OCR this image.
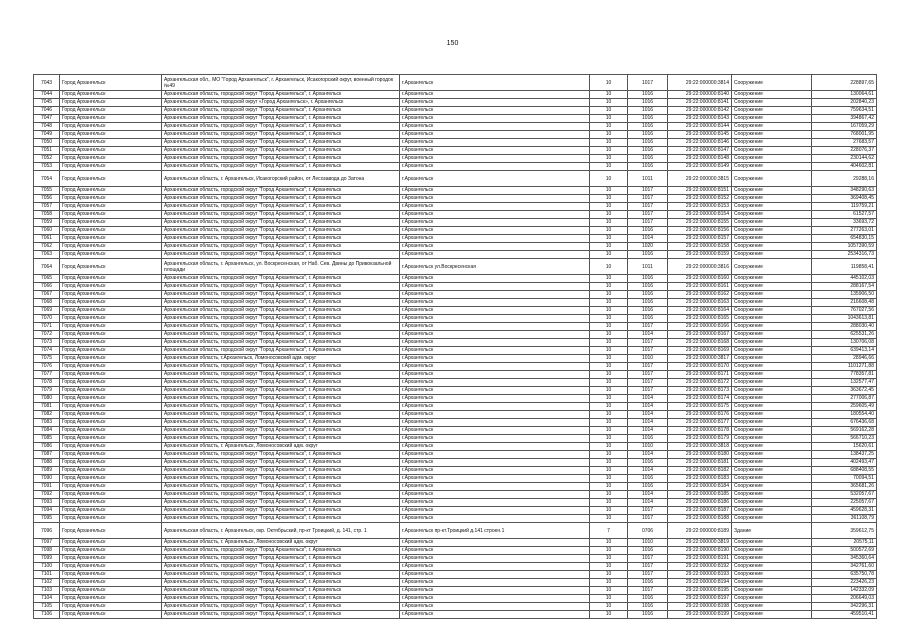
150
7043	Город Архангельск	Архангельская обл., МО "Город Архангельск", г. Архангельск, Исакогорский округ, военный городок №49	г.Архангельск	10	1017	29:22:000000:3814	Сооружение	228897,65
7044	Город Архангельск	Архангельская область, городской округ "Город Архангельск", г. Архангельск	г.Архангельск	10	1016	29:22:000000:8140	Сооружение	130064,61
7045	Город Архангельск	Архангельская область, городской округ «Город Архангельск», г. Архангельск	г.Архангельск	10	1016	29:22:000000:8141	Сооружение	202840,23
7046	Город Архангельск	Архангельская область, городской округ "Город Архангельск", г. Архангельск	г.Архангельск	10	1016	29:22:000000:8142	Сооружение	759634,51
7047	Город Архангельск	Архангельская область, городской округ "Город Архангельск", г. Архангельск	г.Архангельск	10	1016	29:22:000000:8143	Сооружение	394867,42
7048	Город Архангельск	Архангельская область, городской округ "Город Архангельск", г. Архангельск	г.Архангельск	10	1016	29:22:000000:8144	Сооружение	167059,29
7049	Город Архангельск	Архангельская область, городской округ "Город Архангельск", г. Архангельск	г.Архангельск	10	1016	29:22:000000:8145	Сооружение	768001,95
7050	Город Архангельск	Архангельская область, городской округ "Город Архангельск", г. Архангельск	г.Архангельск	10	1016	29:22:000000:8146	Сооружение	27683,57
7051	Город Архангельск	Архангельская область, городской округ "Город Архангельск", г. Архангельск	г.Архангельск	10	1016	29:22:000000:8147	Сооружение	228076,37
7052	Город Архангельск	Архангельская область, городской округ "Город Архангельск", г. Архангельск	г.Архангельск	10	1016	29:22:000000:8148	Сооружение	230144,62
7053	Город Архангельск	Архангельская область, городской округ "Город Архангельск", г. Архангельск	г.Архангельск	10	1016	29:22:000000:8149	Сооружение	404602,81
7054	Город Архангельск	Архангельская область, г. Архангельск, Исакогорский район, от Лесозавода до Затона	г.Архангельск	10	1011	29:22:000000:3815	Сооружение	29288,16
7055	Город Архангельск	Архангельская область, городской округ "Город Архангельск", г. Архангельск	г.Архангельск	10	1017	29:22:000000:8151	Сооружение	348290,63
7056	Город Архангельск	Архангельская область, городской округ "Город Архангельск", г. Архангельск	г.Архангельск	10	1017	29:22:000000:8152	Сооружение	369408,45
7057	Город Архангельск	Архангельская область, городской округ "Город Архангельск", г. Архангельск	г.Архангельск	10	1017	29:22:000000:8153	Сооружение	119759,21
7058	Город Архангельск	Архангельская область, городской округ "Город Архангельск", г. Архангельск	г.Архангельск	10	1017	29:22:000000:8154	Сооружение	61527,57
7059	Город Архангельск	Архангельская область, городской округ "Город Архангельск", г. Архангельск	г.Архангельск	10	1017	29:22:000000:8155	Сооружение	33693,72
7060	Город Архангельск	Архангельская область, городской округ "Город Архангельск", г. Архангельск	г.Архангельск	10	1016	29:22:000000:8156	Сооружение	277263,01
7061	Город Архангельск	Архангельская область, городской округ "Город Архангельск", г. Архангельск	г.Архангельск	10	1014	29:22:000000:8157	Сооружение	654830,15
7062	Город Архангельск	Архангельская область, городской округ "Город Архангельск", г. Архангельск	г.Архангельск	10	1020	29:22:000000:8158	Сооружение	1057390,59
7063	Город Архангельск	Архангельская область, городской округ "Город Архангельск", г. Архангельск	г.Архангельск	10	1016	29:22:000000:8159	Сооружение	2534316,73
7064	Город Архангельск	Архангельская область, г. Архангельск, ул. Воскресенская, от Наб. Сев. Двины до Привокзальной площади	г.Архангельск ул.Воскресенская	10	1011	29:22:000000:3816	Сооружение	119858,41
7065	Город Архангельск	Архангельская область, городской округ "Город Архангельск", г. Архангельск	г.Архангельск	10	1016	29:22:000000:8160	Сооружение	445102,03
7066	Город Архангельск	Архангельская область, городской округ "Город Архангельск", г. Архангельск	г.Архангельск	10	1016	29:22:000000:8161	Сооружение	288167,54
7067	Город Архангельск	Архангельская область, городской округ "Город Архангельск", г. Архангельск	г.Архангельск	10	1016	29:22:000000:8162	Сооружение	135906,50
7068	Город Архангельск	Архангельская область, городской округ "Город Архангельск", г. Архангельск	г.Архангельск	10	1016	29:22:000000:8163	Сооружение	216608,48
7069	Город Архангельск	Архангельская область, городской округ "Город Архангельск", г. Архангельск	г.Архангельск	10	1016	29:22:000000:8164	Сооружение	767027,56
7070	Город Архангельск	Архангельская область, городской округ "Город Архангельск", г. Архангельск	г.Архангельск	10	1016	29:22:000000:8165	Сооружение	1043613,81
7071	Город Архангельск	Архангельская область, городской округ "Город Архангельск", г. Архангельск	г.Архангельск	10	1017	29:22:000000:8166	Сооружение	288030,40
7072	Город Архангельск	Архангельская область, городской округ "Город Архангельск", г. Архангельск	г.Архангельск	10	1014	29:22:000000:8167	Сооружение	625531,26
7073	Город Архангельск	Архангельская область, городской округ "Город Архангельск", г. Архангельск	г.Архангельск	10	1017	29:22:000000:8168	Сооружение	130706,08
7074	Город Архангельск	Архангельская область, городской округ "Город Архангельск", г. Архангельск	г.Архангельск	10	1017	29:22:000000:8169	Сооружение	639413,14
7075	Город Архангельск	Архангельская область, г.Архангельск, Ломоносовский адм. округ	г.Архангельск	10	1010	29:22:000000:3817	Сооружение	28946,66
7076	Город Архангельск	Архангельская область, городской округ "Город Архангельск", г. Архангельск	г.Архангельск	10	1017	29:22:000000:8170	Сооружение	1101271,88
7077	Город Архангельск	Архангельская область, городской округ "Город Архангельск", г. Архангельск	г.Архангельск	10	1017	29:22:000000:8171	Сооружение	778357,81
7078	Город Архангельск	Архангельская область, городской округ "Город Архангельск", г. Архангельск	г.Архангельск	10	1017	29:22:000000:8172	Сооружение	132577,47
7079	Город Архангельск	Архангельская область, городской округ "Город Архангельск", г. Архангельск	г.Архангельск	10	1017	29:22:000000:8173	Сооружение	363672,45
7080	Город Архангельск	Архангельская область, городской округ "Город Архангельск", г. Архангельск	г.Архангельск	10	1014	29:22:000000:8174	Сооружение	277006,87
7081	Город Архангельск	Архангельская область, городской округ "Город Архангельск", г. Архангельск	г.Архангельск	10	1014	29:22:000000:8175	Сооружение	259605,49
7082	Город Архангельск	Архангельская область, городской округ "Город Архангельск", г. Архангельск	г.Архангельск	10	1014	29:22:000000:8176	Сооружение	180554,40
7083	Город Архангельск	Архангельская область, городской округ "Город Архангельск", г. Архангельск	г.Архангельск	10	1014	29:22:000000:8177	Сооружение	676436,68
7084	Город Архангельск	Архангельская область, городской округ "Город Архангельск", г. Архангельск	г.Архангельск	10	1014	29:22:000000:8178	Сооружение	569162,28
7085	Город Архангельск	Архангельская область, городской округ "Город Архангельск", г. Архангельск	г.Архангельск	10	1016	29:22:000000:8179	Сооружение	566710,23
7086	Город Архангельск	Архангельская область, г. Архангельск, Ломоносовский адм. округ	г.Архангельск	10	1010	29:22:000000:3818	Сооружение	15620,61
7087	Город Архангельск	Архангельская область, городской округ "Город Архангельск", г. Архангельск	г.Архангельск	10	1014	29:22:000000:8180	Сооружение	138437,25
7088	Город Архангельск	Архангельская область, городской округ "Город Архангельск", г. Архангельск	г.Архангельск	10	1016	29:22:000000:8181	Сооружение	402493,47
7089	Город Архангельск	Архангельская область, городской округ "Город Архангельск", г. Архангельск	г.Архангельск	10	1014	29:22:000000:8182	Сооружение	688408,55
7090	Город Архангельск	Архангельская область, городской округ "Город Архангельск", г. Архангельск	г.Архангельск	10	1016	29:22:000000:8183	Сооружение	70094,51
7091	Город Архангельск	Архангельская область, городской округ "Город Архангельск", г. Архангельск	г.Архангельск	10	1016	29:22:000000:8184	Сооружение	365681,26
7092	Город Архангельск	Архангельская область, городской округ "Город Архангельск", г. Архангельск	г.Архангельск	10	1014	29:22:000000:8185	Сооружение	532057,67
7093	Город Архангельск	Архангельская область, городской округ "Город Архангельск", г. Архангельск	г.Архангельск	10	1014	29:22:000000:8186	Сооружение	225057,67
7094	Город Архангельск	Архангельская область, городской округ "Город Архангельск", г. Архангельск	г.Архангельск	10	1017	29:22:000000:8187	Сооружение	459628,31
7095	Город Архангельск	Архангельская область, городской округ "Город Архангельск", г. Архангельск	г.Архангельск	10	1017	29:22:000000:8188	Сооружение	361108,79
7096	Город Архангельск	Архангельская область, г. Архангельск, окр. Октябрьский, пр-кт Троицкий, д. 141, стр. 1	г.Архангельск пр-кт.Троицкий д.141 строен.1	7	0706	29:22:000000:8189	Здание	359612,75
7097	Город Архангельск	Архангельская область, г. Архангельск, Ломоносовский адм. округ	г.Архангельск	10	1010	29:22:000000:3819	Сооружение	20575,11
7098	Город Архангельск	Архангельская область, городской округ "Город Архангельск", г. Архангельск	г.Архангельск	10	1016	29:22:000000:8190	Сооружение	500572,69
7099	Город Архангельск	Архангельская область, городской округ "Город Архангельск", г. Архангельск	г.Архангельск	10	1017	29:22:000000:8191	Сооружение	345360,64
7100	Город Архангельск	Архангельская область, городской округ "Город Архангельск", г. Архангельск	г.Архангельск	10	1017	29:22:000000:8192	Сооружение	342761,60
7101	Город Архангельск	Архангельская область, городской округ "Город Архангельск", г. Архангельск	г.Архангельск	10	1017	29:22:000000:8193	Сооружение	635750,78
7102	Город Архангельск	Архангельская область, городской округ "Город Архангельск", г. Архангельск	г.Архангельск	10	1016	29:22:000000:8194	Сооружение	223426,23
7103	Город Архангельск	Архангельская область, городской округ "Город Архангельск", г. Архангельск	г.Архангельск	10	1017	29:22:000000:8195	Сооружение	142332,09
7104	Город Архангельск	Архангельская область, городской округ "Город Архангельск", г. Архангельск	г.Архангельск	10	1016	29:22:000000:8197	Сооружение	206649,03
7105	Город Архангельск	Архангельская область, городской округ "Город Архангельск", г. Архангельск	г.Архангельск	10	1016	29:22:000000:8198	Сооружение	342296,31
7106	Город Архангельск	Архангельская область, городской округ "Город Архангельск", г. Архангельск	г.Архангельск	10	1016	29:22:000000:8199	Сооружение	459510,41
